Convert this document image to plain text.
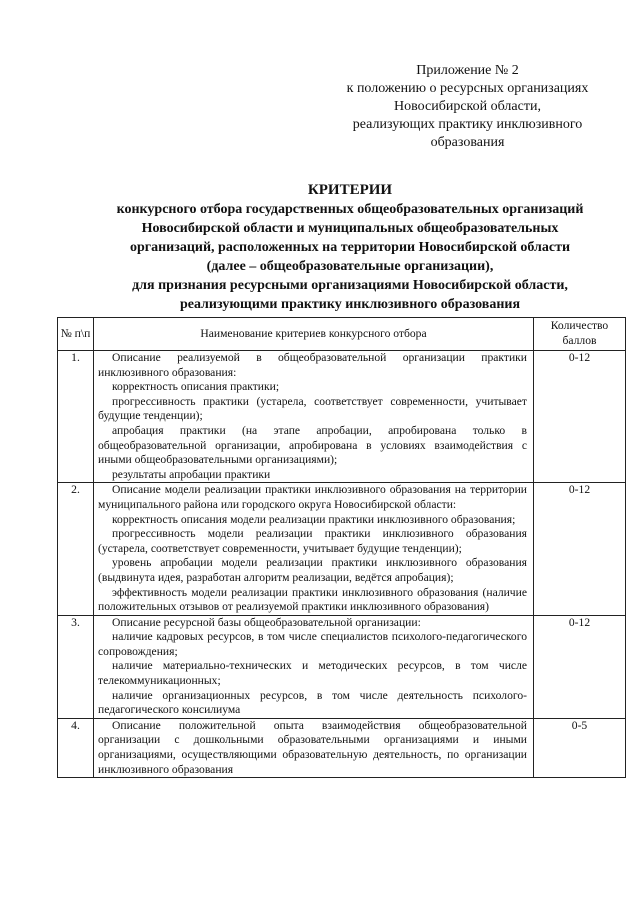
Приложение № 2
к положению о ресурсных организациях
Новосибирской области,
реализующих практику инклюзивного
образования
КРИТЕРИИ
конкурсного отбора государственных общеобразовательных организаций
Новосибирской области и муниципальных общеобразовательных
организаций, расположенных на территории Новосибирской области
(далее – общеобразовательные организации),
для признания ресурсными организациями Новосибирской области,
реализующими практику инклюзивного образования
№ п\п	Наименование критериев конкурсного отбора	Количество баллов
1.	Описание реализуемой в общеобразовательной организации практики инклюзивного образования:
корректность описания практики;
прогрессивность практики (устарела, соответствует современности, учитывает будущие тенденции);
апробация практики (на этапе апробации, апробирована только в общеобразовательной организации, апробирована в условиях взаимодействия с иными общеобразовательными организациями);
результаты апробации практики	0-12
2.	Описание модели реализации практики инклюзивного образования на территории муниципального района или городского округа Новосибирской области:
корректность описания модели реализации практики инклюзивного образования;
прогрессивность модели реализации практики инклюзивного образования (устарела, соответствует современности, учитывает будущие тенденции);
уровень апробации модели реализации практики инклюзивного образования (выдвинута идея, разработан алгоритм реализации, ведётся апробация);
эффективность модели реализации практики инклюзивного образования (наличие положительных отзывов от реализуемой практики инклюзивного образования)	0-12
3.	Описание ресурсной базы общеобразовательной организации:
наличие кадровых ресурсов, в том числе специалистов психолого-педагогического сопровождения;
наличие материально-технических и методических ресурсов, в том числе телекоммуникационных;
наличие организационных ресурсов, в том числе деятельность психолого-педагогического консилиума	0-12
4.	Описание положительной опыта взаимодействия общеобразовательной организации с дошкольными образовательными организациями и иными организациями, осуществляющими образовательную деятельность, по организации инклюзивного образования	0-5
